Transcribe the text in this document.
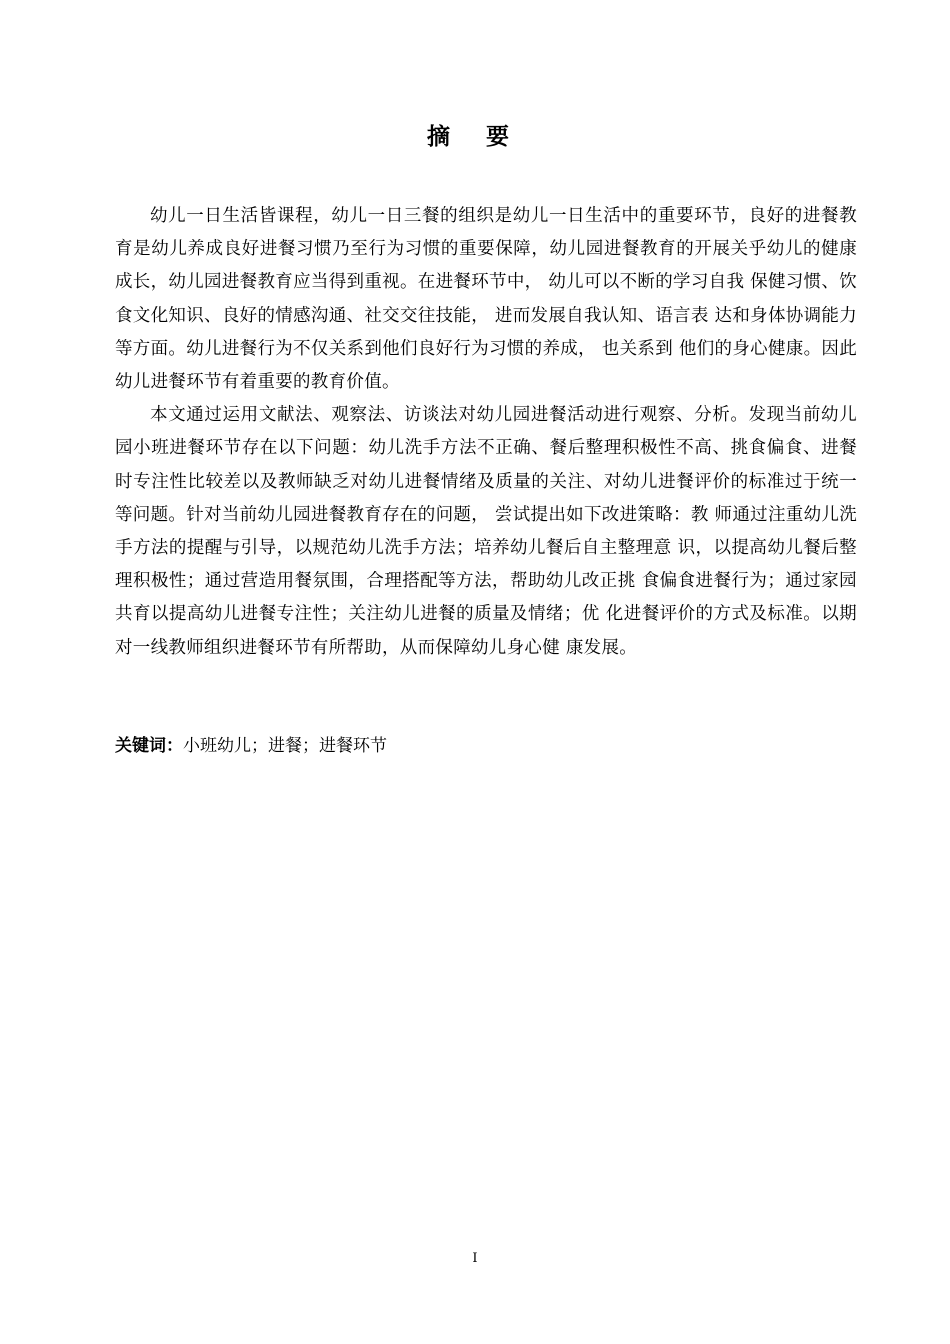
摘 要

幼儿一日生活皆课程，幼儿一日三餐的组织是幼儿一日生活中的重要环节，良好的进餐教育是幼儿养成良好进餐习惯乃至行为习惯的重要保障，幼儿园进餐教育的开展关乎幼儿的健康成长，幼儿园进餐教育应当得到重视。在进餐环节中， 幼儿可以不断的学习自我 保健习惯、饮食文化知识、良好的情感沟通、社交交往技能， 进而发展自我认知、语言表 达和身体协调能力等方面。幼儿进餐行为不仅关系到他们良好行为习惯的养成， 也关系到 他们的身心健康。因此幼儿进餐环节有着重要的教育价值。

本文通过运用文献法、观察法、访谈法对幼儿园进餐活动进行观察、分析。发现当前幼儿园小班进餐环节存在以下问题：幼儿洗手方法不正确、餐后整理积极性不高、挑食偏食、进餐时专注性比较差以及教师缺乏对幼儿进餐情绪及质量的关注、对幼儿进餐评价的标准过于统一等问题。针对当前幼儿园进餐教育存在的问题， 尝试提出如下改进策略：教 师通过注重幼儿洗手方法的提醒与引导，以规范幼儿洗手方法；培养幼儿餐后自主整理意 识，以提高幼儿餐后整理积极性；通过营造用餐氛围，合理搭配等方法，帮助幼儿改正挑 食偏食进餐行为；通过家园共育以提高幼儿进餐专注性；关注幼儿进餐的质量及情绪；优 化进餐评价的方式及标准。以期对一线教师组织进餐环节有所帮助，从而保障幼儿身心健 康发展。

关键词：小班幼儿；进餐；进餐环节
I
